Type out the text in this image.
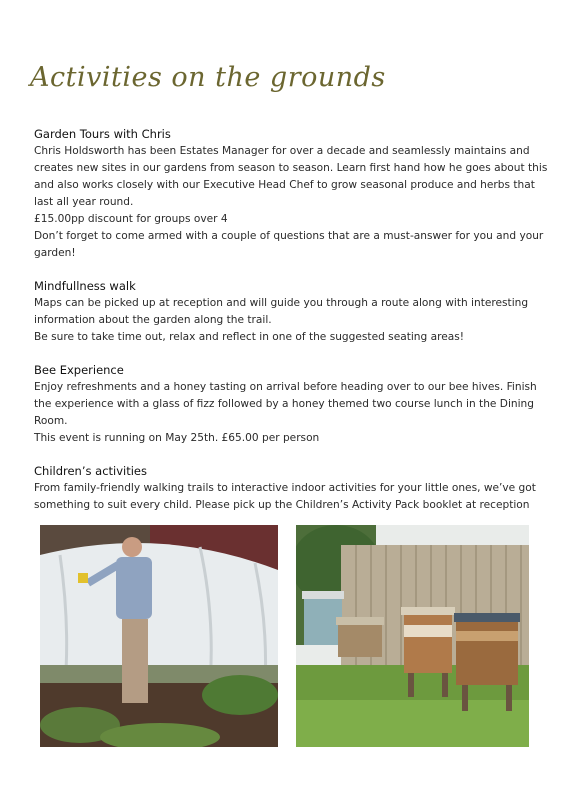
Activities on the grounds
Garden Tours with Chris

Chris Holdsworth has been Estates Manager for over a decade and seamlessly maintains and creates new sites in our gardens from season to season. Learn first hand how he goes about this and also works closely with our Executive Head Chef to grow seasonal produce and herbs that last all year round.

£15.00pp discount for groups over 4

Don’t forget to come armed with a couple of questions that are a must-answer for you and your garden!

Mindfullness walk

Maps can be picked up at reception and will guide you through a route along with interesting information about the garden along the trail.

Be sure to take time out, relax and reflect in one of the suggested seating areas!

Bee Experience

Enjoy refreshments and a honey tasting on arrival before heading over to our bee hives. Finish the experience with a glass of fizz followed by a honey themed two course lunch in the Dining Room.

This event is running on May 25th. £65.00 per person

Children’s activities

From family-friendly walking trails to interactive indoor activities for your little ones, we’ve got something to suit every child. Please pick up the Children’s Activity Pack booklet at reception
